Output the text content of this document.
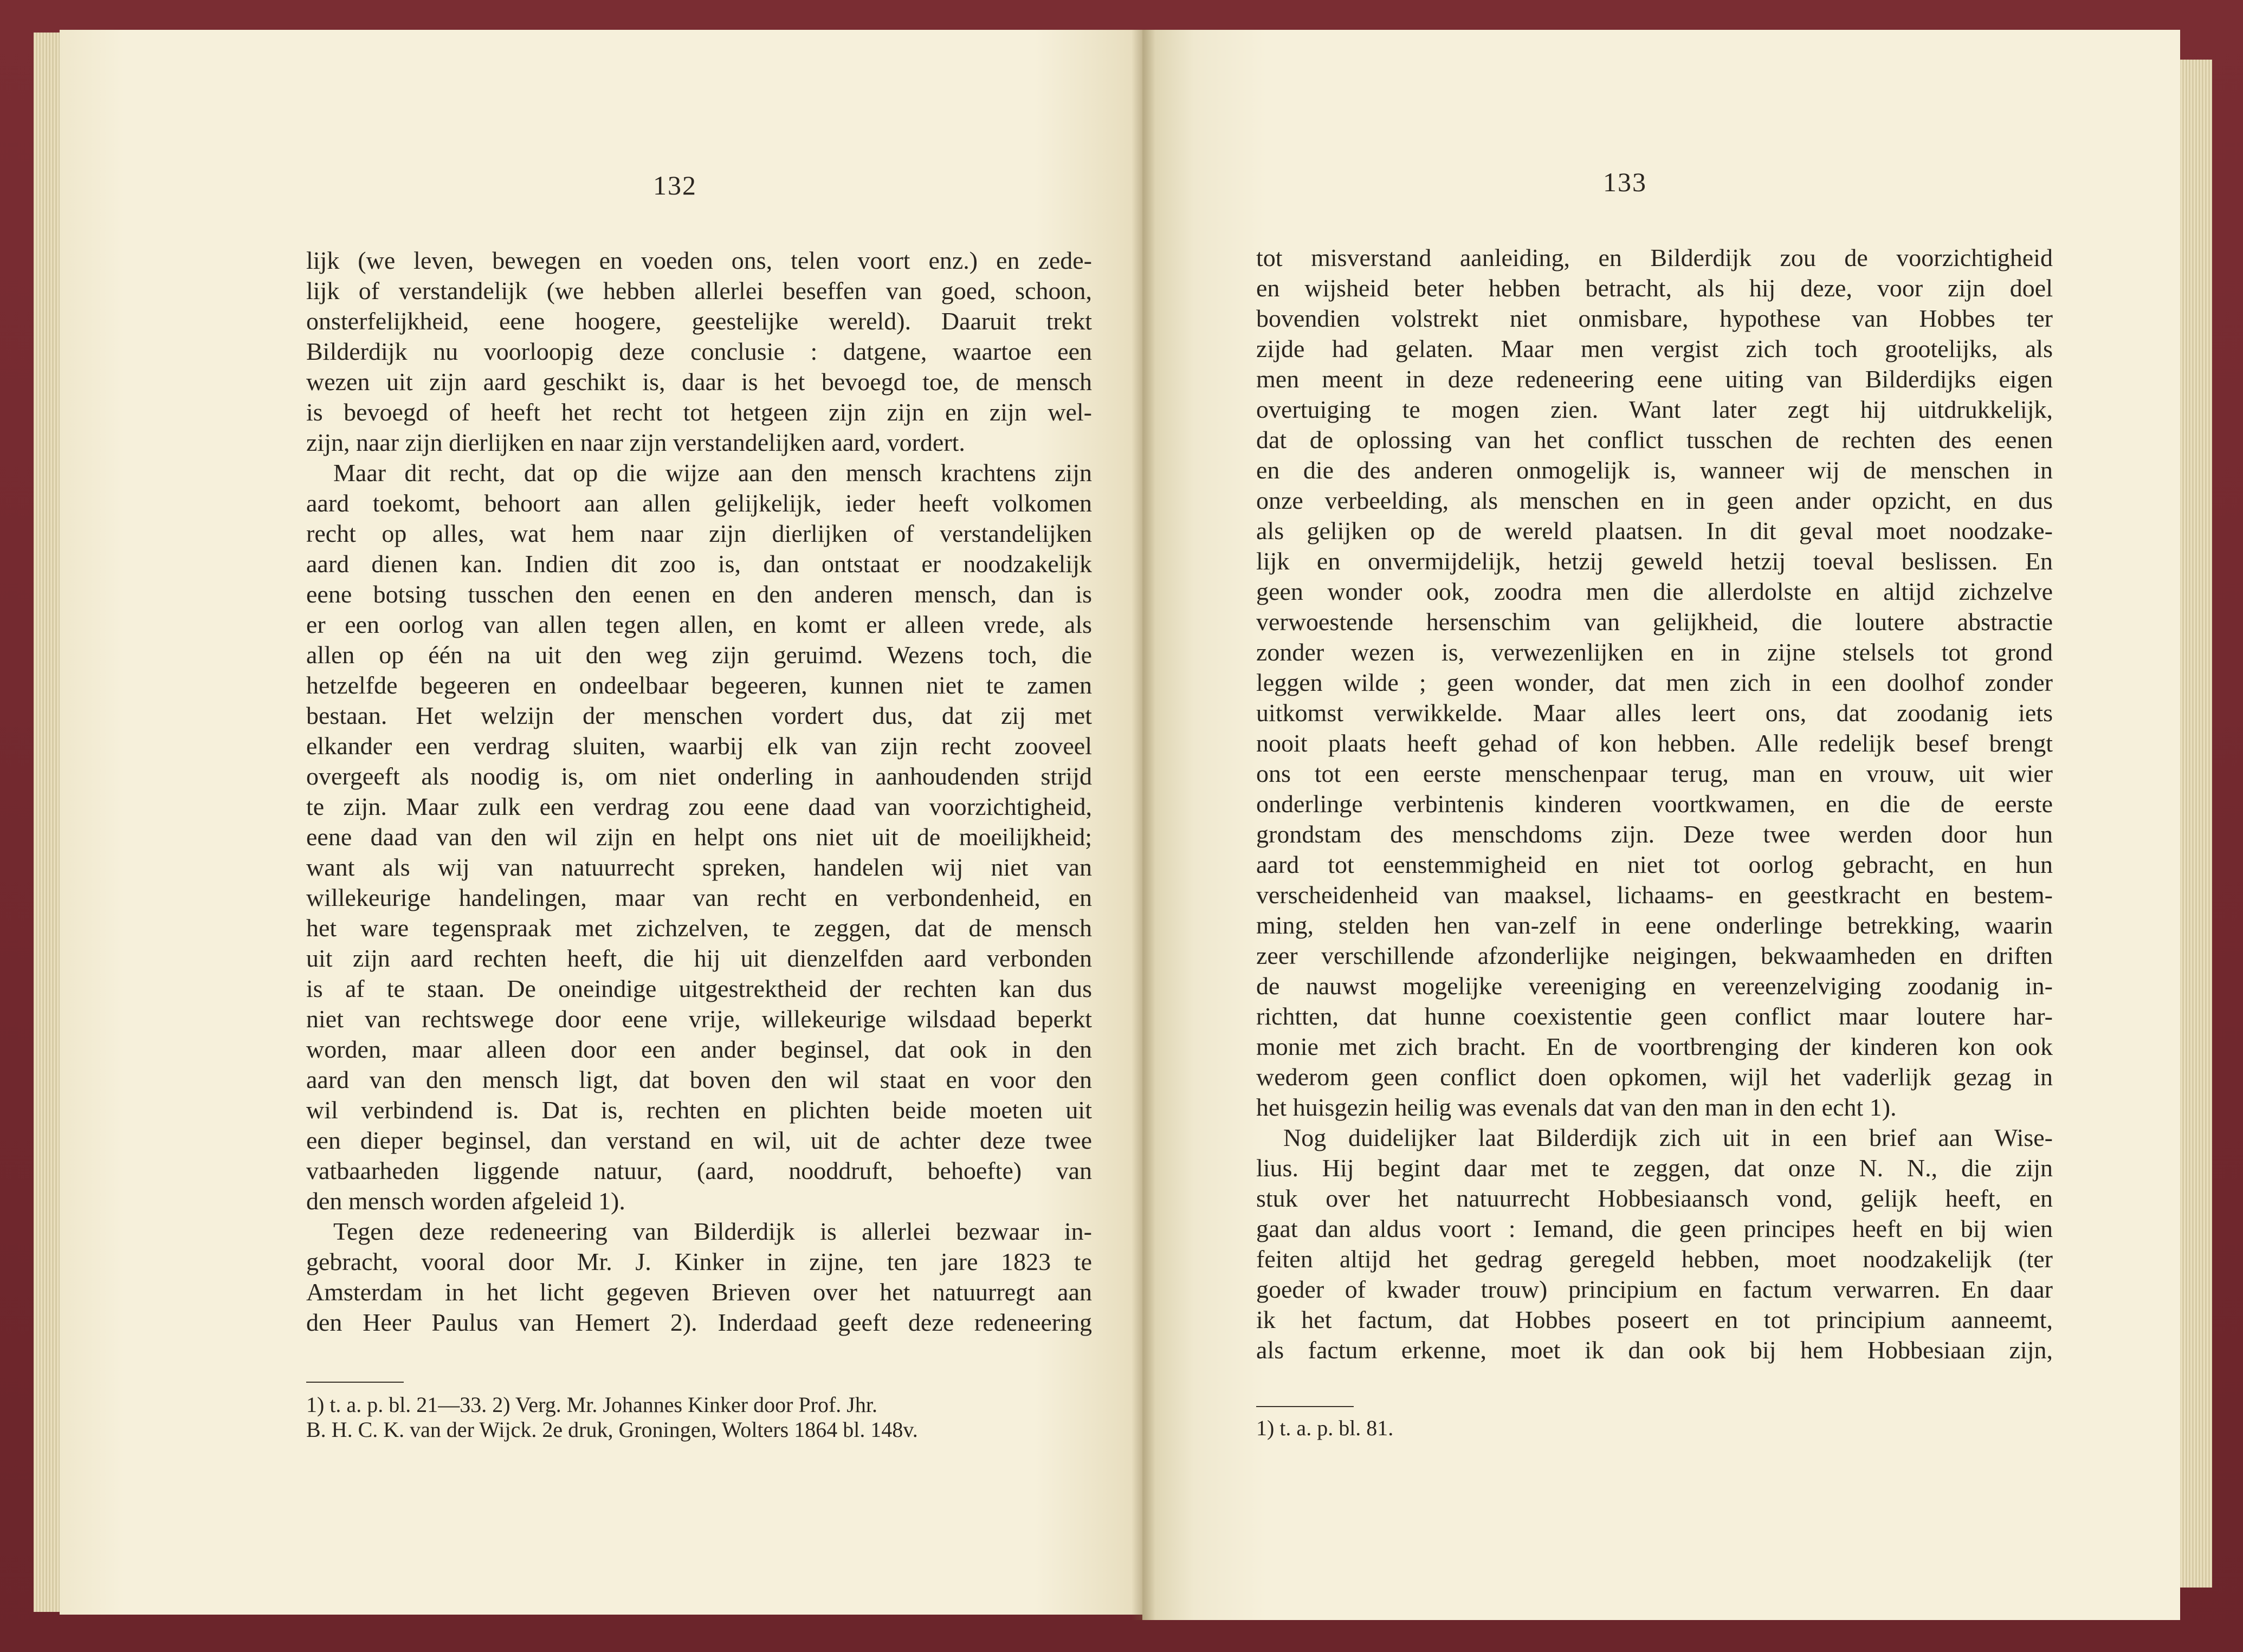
132
lijk (we leven, bewegen en voeden ons, telen voort enz.) en zede-
lijk of verstandelijk (we hebben allerlei beseffen van goed, schoon,
onsterfelijkheid, eene hoogere, geestelijke wereld). Daaruit trekt
Bilderdijk nu voorloopig deze conclusie : datgene, waartoe een
wezen uit zijn aard geschikt is, daar is het bevoegd toe, de mensch
is bevoegd of heeft het recht tot hetgeen zijn zijn en zijn wel-
zijn, naar zijn dierlijken en naar zijn verstandelijken aard, vordert.
Maar dit recht, dat op die wijze aan den mensch krachtens zijn
aard toekomt, behoort aan allen gelijkelijk, ieder heeft volkomen
recht op alles, wat hem naar zijn dierlijken of verstandelijken
aard dienen kan. Indien dit zoo is, dan ontstaat er noodzakelijk
eene botsing tusschen den eenen en den anderen mensch, dan is
er een oorlog van allen tegen allen, en komt er alleen vrede, als
allen op één na uit den weg zijn geruimd. Wezens toch, die
hetzelfde begeeren en ondeelbaar begeeren, kunnen niet te zamen
bestaan. Het welzijn der menschen vordert dus, dat zij met
elkander een verdrag sluiten, waarbij elk van zijn recht zooveel
overgeeft als noodig is, om niet onderling in aanhoudenden strijd
te zijn. Maar zulk een verdrag zou eene daad van voorzichtigheid,
eene daad van den wil zijn en helpt ons niet uit de moeilijkheid;
want als wij van natuurrecht spreken, handelen wij niet van
willekeurige handelingen, maar van recht en verbondenheid, en
het ware tegenspraak met zichzelven, te zeggen, dat de mensch
uit zijn aard rechten heeft, die hij uit dienzelfden aard verbonden
is af te staan. De oneindige uitgestrektheid der rechten kan dus
niet van rechtswege door eene vrije, willekeurige wilsdaad beperkt
worden, maar alleen door een ander beginsel, dat ook in den
aard van den mensch ligt, dat boven den wil staat en voor den
wil verbindend is. Dat is, rechten en plichten beide moeten uit
een dieper beginsel, dan verstand en wil, uit de achter deze twee
vatbaarheden liggende natuur, (aard, nooddruft, behoefte) van
den mensch worden afgeleid 1).
Tegen deze redeneering van Bilderdijk is allerlei bezwaar in-
gebracht, vooral door Mr. J. Kinker in zijne, ten jare 1823 te
Amsterdam in het licht gegeven Brieven over het natuurregt aan
den Heer Paulus van Hemert 2). Inderdaad geeft deze redeneering
1) t. a. p. bl. 21—33. 2) Verg. Mr. Johannes Kinker door Prof. Jhr.
B. H. C. K. van der Wijck. 2e druk, Groningen, Wolters 1864 bl. 148v.
133
tot misverstand aanleiding, en Bilderdijk zou de voorzichtigheid
en wijsheid beter hebben betracht, als hij deze, voor zijn doel
bovendien volstrekt niet onmisbare, hypothese van Hobbes ter
zijde had gelaten. Maar men vergist zich toch grootelijks, als
men meent in deze redeneering eene uiting van Bilderdijks eigen
overtuiging te mogen zien. Want later zegt hij uitdrukkelijk,
dat de oplossing van het conflict tusschen de rechten des eenen
en die des anderen onmogelijk is, wanneer wij de menschen in
onze verbeelding, als menschen en in geen ander opzicht, en dus
als gelijken op de wereld plaatsen. In dit geval moet noodzake-
lijk en onvermijdelijk, hetzij geweld hetzij toeval beslissen. En
geen wonder ook, zoodra men die allerdolste en altijd zichzelve
verwoestende hersenschim van gelijkheid, die loutere abstractie
zonder wezen is, verwezenlijken en in zijne stelsels tot grond
leggen wilde ; geen wonder, dat men zich in een doolhof zonder
uitkomst verwikkelde. Maar alles leert ons, dat zoodanig iets
nooit plaats heeft gehad of kon hebben. Alle redelijk besef brengt
ons tot een eerste menschenpaar terug, man en vrouw, uit wier
onderlinge verbintenis kinderen voortkwamen, en die de eerste
grondstam des menschdoms zijn. Deze twee werden door hun
aard tot eenstemmigheid en niet tot oorlog gebracht, en hun
verscheidenheid van maaksel, lichaams- en geestkracht en bestem-
ming, stelden hen van-zelf in eene onderlinge betrekking, waarin
zeer verschillende afzonderlijke neigingen, bekwaamheden en driften
de nauwst mogelijke vereeniging en vereenzelviging zoodanig in-
richtten, dat hunne coexistentie geen conflict maar loutere har-
monie met zich bracht. En de voortbrenging der kinderen kon ook
wederom geen conflict doen opkomen, wijl het vaderlijk gezag in
het huisgezin heilig was evenals dat van den man in den echt 1).
Nog duidelijker laat Bilderdijk zich uit in een brief aan Wise-
lius. Hij begint daar met te zeggen, dat onze N. N., die zijn
stuk over het natuurrecht Hobbesiaansch vond, gelijk heeft, en
gaat dan aldus voort : Iemand, die geen principes heeft en bij wien
feiten altijd het gedrag geregeld hebben, moet noodzakelijk (ter
goeder of kwader trouw) principium en factum verwarren. En daar
ik het factum, dat Hobbes poseert en tot principium aanneemt,
als factum erkenne, moet ik dan ook bij hem Hobbesiaan zijn,
1) t. a. p. bl. 81.
